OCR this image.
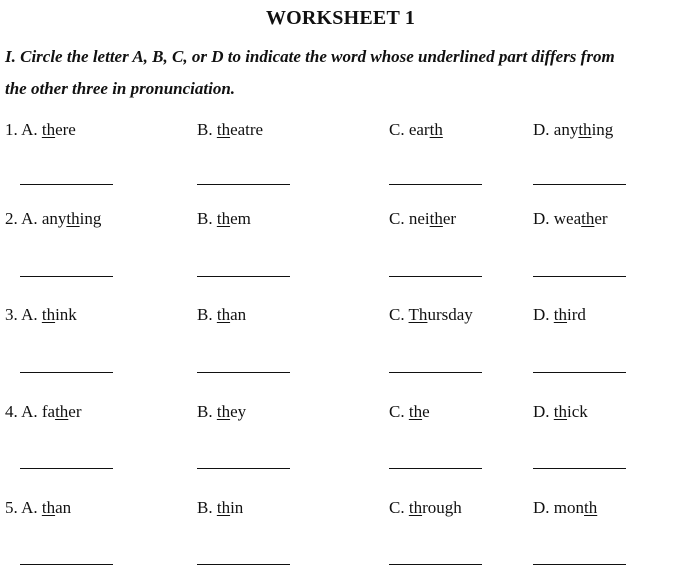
WORKSHEET 1
I. Circle the letter A, B, C, or D to indicate the word whose underlined part differs from
the other three in pronunciation.
1. A. there	B. theatre	C. earth	D. anything
2. A. anything	B. them	C. neither	D. weather
3. A. think	B. than	C. Thursday	D. third
4. A. father	B. they	C. the	D. thick
5. A. than	B. thin	C. through	D. month
